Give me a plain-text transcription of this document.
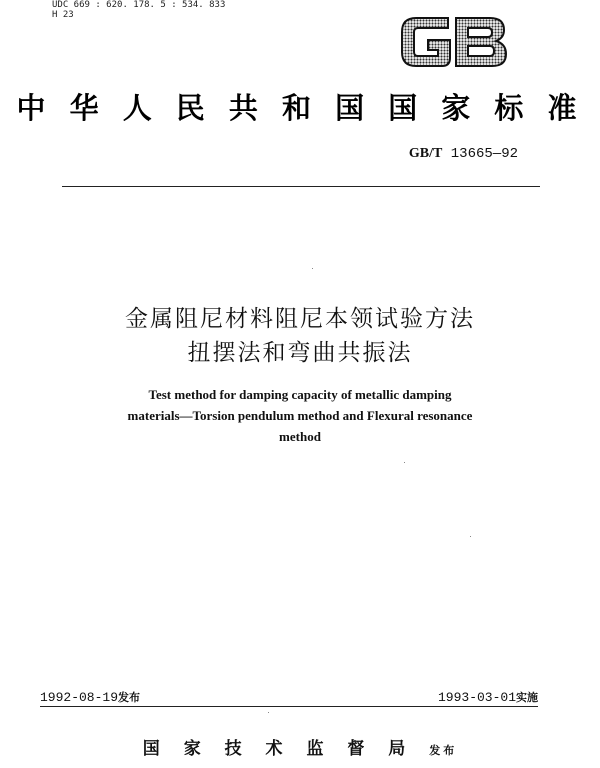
UDC 669 : 620. 178. 5 : 534. 833
H 23
中 华 人 民 共 和 国 国 家 标 准
GB/T 13665—92
金属阻尼材料阻尼本领试验方法
扭摆法和弯曲共振法
Test method for damping capacity of metallic damping
materials—Torsion pendulum method and Flexural resonance
method
1992-08-19发布	1993-03-01实施
国 家 技 术 监 督 局 发布
